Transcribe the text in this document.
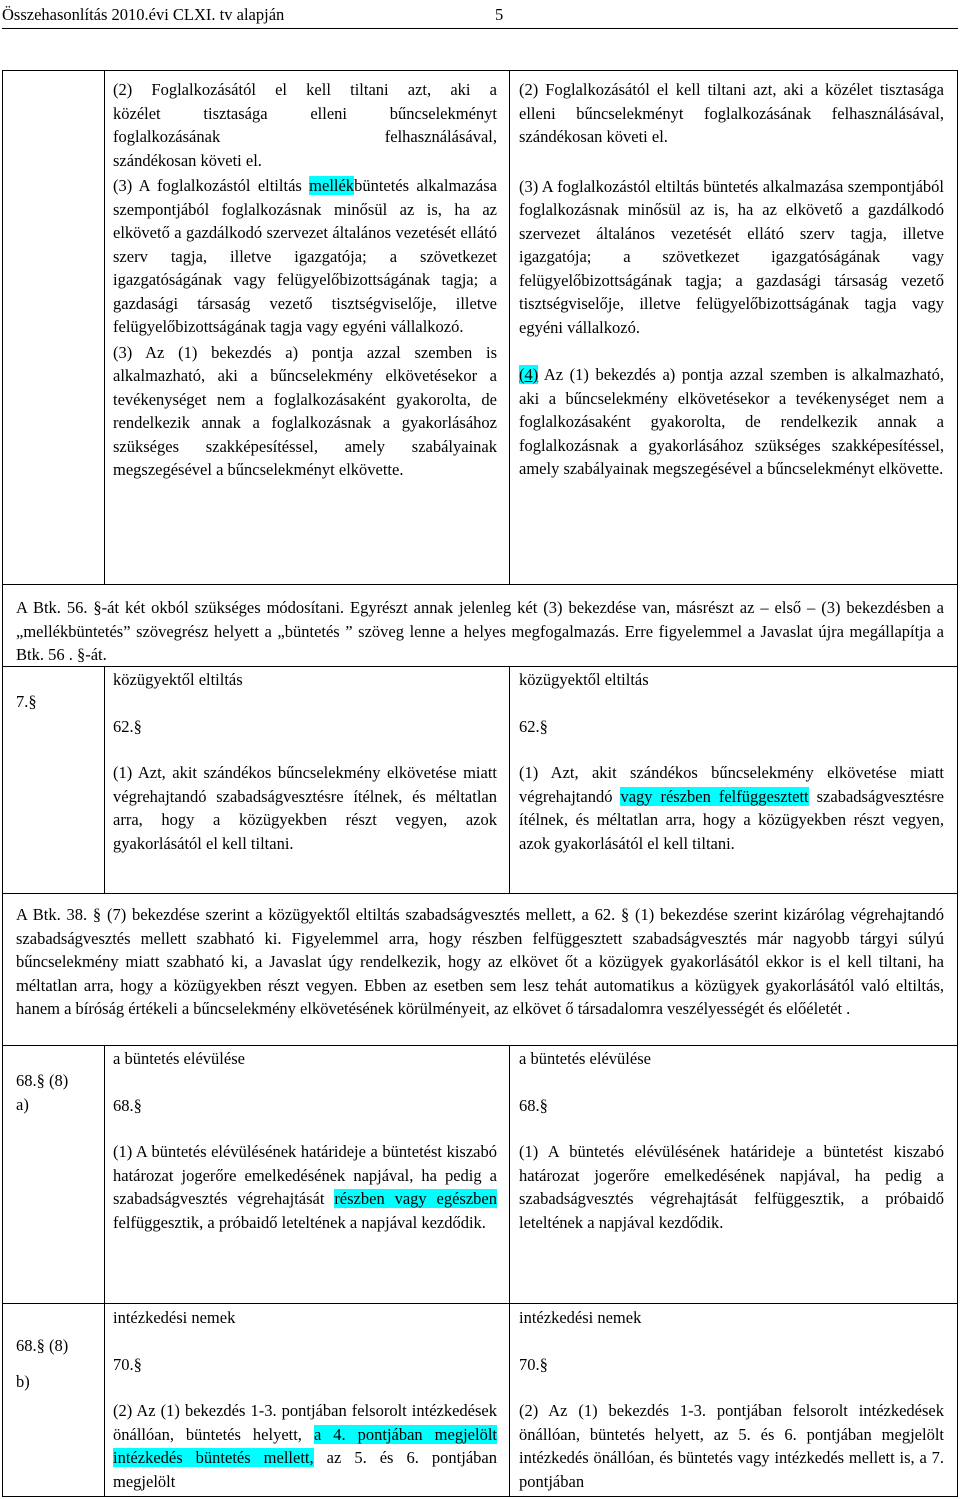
Összehasonlítás 2010.évi CLXI. tv alapján	5

(2) Foglalkozásától el kell tiltani azt, aki a

közélet tisztasága elleni bűncselekményt

foglalkozásának felhasználásával,

szándékosan követi el.

(3) A foglalkozástól eltiltás mellékbüntetés alkalmazása szempontjából foglalkozásnak minősül az is, ha az elkövető a gazdálkodó szervezet általános vezetését ellátó szerv tagja, illetve igazgatója; a szövetkezet igazgatóságának vagy felügyelőbizottságának tagja; a gazdasági társaság vezető tisztségviselője, illetve felügyelőbizottságának tagja vagy egyéni vállalkozó.

(3) Az (1) bekezdés a) pontja azzal szemben is alkalmazható, aki a bűncselekmény elkövetésekor a tevékenységet nem a foglalkozásaként gyakorolta, de rendelkezik annak a foglalkozásnak a gyakorlásához szükséges szakképesítéssel, amely szabályainak megszegésével a bűncselekményt elkövette.

(2) Foglalkozásától el kell tiltani azt, aki a közélet tisztasága elleni bűncselekményt foglalkozásának felhasználásával, szándékosan követi el.

(3) A foglalkozástól eltiltás büntetés alkalmazása szempontjából foglalkozásnak minősül az is, ha az elkövető a gazdálkodó szervezet általános vezetését ellátó szerv tagja, illetve igazgatója; a szövetkezet igazgatóságának vagy felügyelőbizottságának tagja; a gazdasági társaság vezető tisztségviselője, illetve felügyelőbizottságának tagja vagy egyéni vállalkozó.

(4) Az (1) bekezdés a) pontja azzal szemben is alkalmazható, aki a bűncselekmény elkövetésekor a tevékenységet nem a foglalkozásaként gyakorolta, de rendelkezik annak a foglalkozásnak a gyakorlásához szükséges szakképesítéssel, amely szabályainak megszegésével a bűncselekményt elkövette.

A Btk. 56. §-át két okból szükséges módosítani. Egyrészt annak jelenleg két (3) bekezdése van, másrészt az – első – (3) bekezdésben a „mellékbüntetés” szövegrész helyett a „büntetés ” szöveg lenne a helyes megfogalmazás. Erre figyelemmel a Javaslat újra megállapítja a Btk. 56 . §-át.

7.§

közügyektől eltiltás

62.§

(1) Azt, akit szándékos bűncselekmény elkövetése miatt végrehajtandó szabadságvesztésre ítélnek, és méltatlan arra, hogy a közügyekben részt vegyen, azok gyakorlásától el kell tiltani.

közügyektől eltiltás

62.§

(1) Azt, akit szándékos bűncselekmény elkövetése miatt végrehajtandó vagy részben felfüggesztett szabadságvesztésre ítélnek, és méltatlan arra, hogy a közügyekben részt vegyen, azok gyakorlásától el kell tiltani.

A Btk. 38. § (7) bekezdése szerint a közügyektől eltiltás szabadságvesztés mellett, a 62. § (1) bekezdése szerint kizárólag végrehajtandó szabadságvesztés mellett szabható ki. Figyelemmel arra, hogy részben felfüggesztett szabadságvesztés már nagyobb tárgyi súlyú bűncselekmény miatt szabható ki, a Javaslat úgy rendelkezik, hogy az elkövet őt a közügyek gyakorlásától ekkor is el kell tiltani, ha méltatlan arra, hogy a közügyekben részt vegyen. Ebben az esetben sem lesz tehát automatikus a közügyek gyakorlásától való eltiltás, hanem a bíróság értékeli a bűncselekmény elkövetésének körülményeit, az elkövet ő társadalomra veszélyességét és előéletét .

68.§ (8)
a)

a büntetés elévülése

68.§

(1) A büntetés elévülésének határideje a büntetést kiszabó határozat jogerőre emelkedésének napjával, ha pedig a szabadságvesztés végrehajtását részben vagy egészben felfüggesztik, a próbaidő leteltének a napjával kezdődik.

a büntetés elévülése

68.§

(1) A büntetés elévülésének határideje a büntetést kiszabó határozat jogerőre emelkedésének napjával, ha pedig a szabadságvesztés végrehajtását felfüggesztik, a próbaidő leteltének a napjával kezdődik.

68.§ (8)
b)

intézkedési nemek

70.§

(2) Az (1) bekezdés 1-3. pontjában felsorolt intézkedések önállóan, büntetés helyett, a 4. pontjában megjelölt intézkedés büntetés mellett, az 5. és 6. pontjában megjelölt

intézkedési nemek

70.§

(2) Az (1) bekezdés 1-3. pontjában felsorolt intézkedések önállóan, büntetés helyett, az 5. és 6. pontjában megjelölt intézkedés önállóan, és büntetés vagy intézkedés mellett is, a 7. pontjában
